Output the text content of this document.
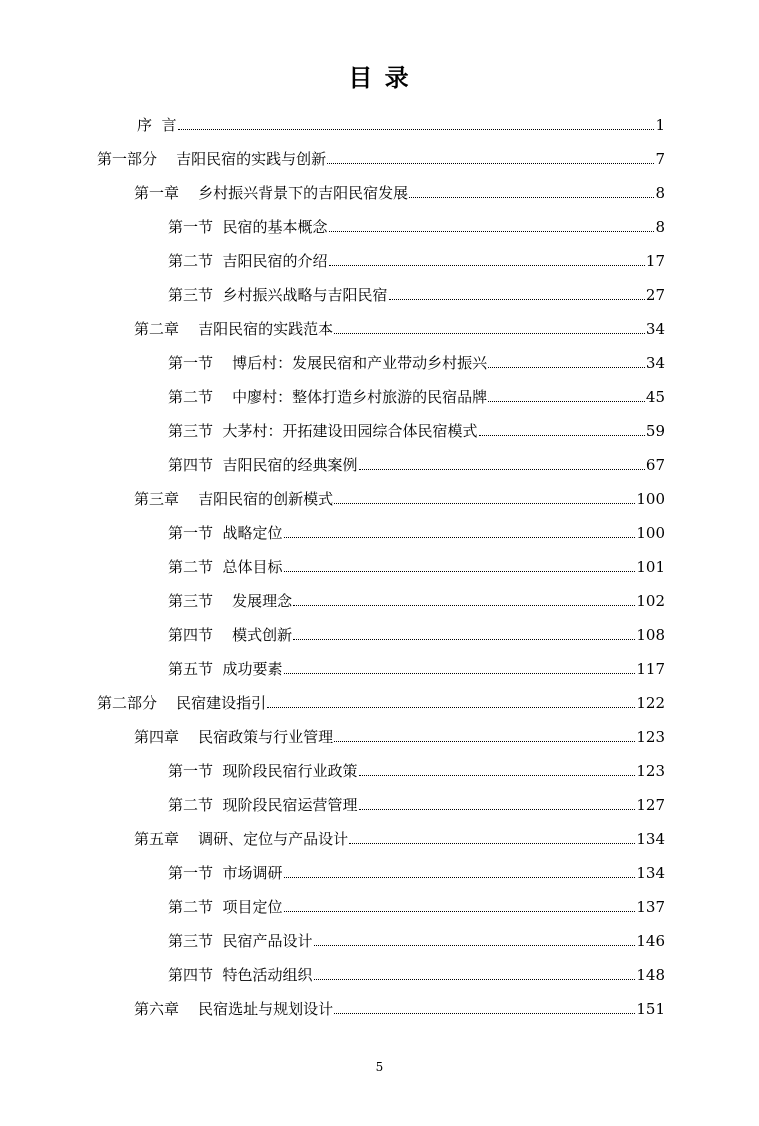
目 录
序  言	1
第一部分    吉阳民宿的实践与创新	7
第一章    乡村振兴背景下的吉阳民宿发展	8
第一节  民宿的基本概念	8
第二节  吉阳民宿的介绍	17
第三节  乡村振兴战略与吉阳民宿	27
第二章    吉阳民宿的实践范本	34
第一节    博后村：发展民宿和产业带动乡村振兴	34
第二节    中廖村：整体打造乡村旅游的民宿品牌	45
第三节  大茅村：开拓建设田园综合体民宿模式	59
第四节  吉阳民宿的经典案例	67
第三章    吉阳民宿的创新模式	100
第一节  战略定位	100
第二节  总体目标	101
第三节    发展理念	102
第四节    模式创新	108
第五节  成功要素	117
第二部分    民宿建设指引	122
第四章    民宿政策与行业管理	123
第一节  现阶段民宿行业政策	123
第二节  现阶段民宿运营管理	127
第五章    调研、定位与产品设计	134
第一节  市场调研	134
第二节  项目定位	137
第三节  民宿产品设计	146
第四节  特色活动组织	148
第六章    民宿选址与规划设计	151
5
